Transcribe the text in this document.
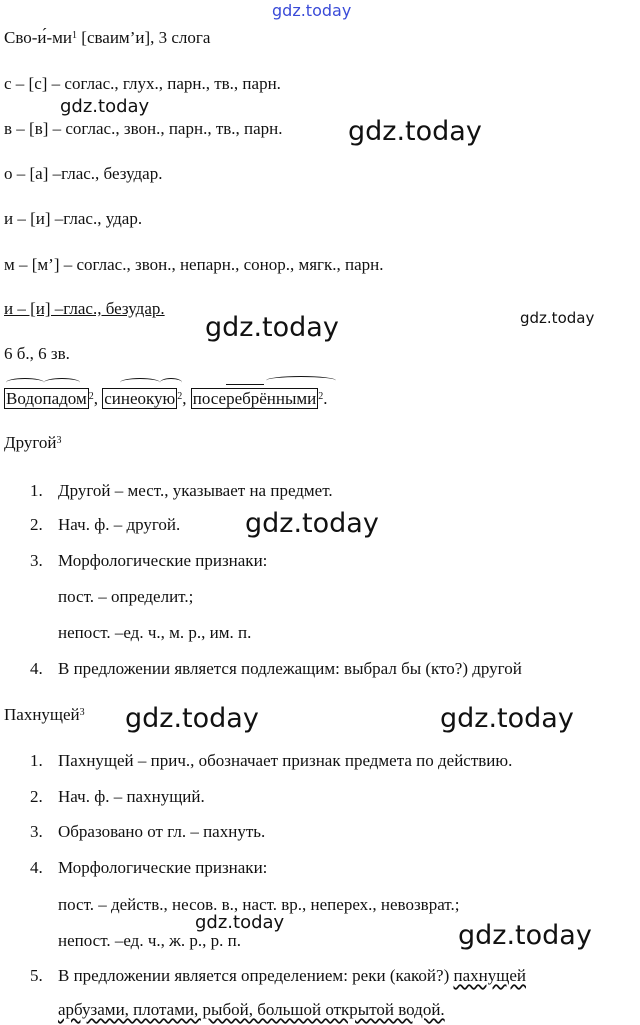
gdz.today
gdz.today
gdz.today
gdz.today	gdz.today
gdz.today
gdz.today	gdz.today
gdz.today	gdz.today
Сво-$и́-ми^1$ [сваим’и], 3 слога
с – [с] – соглас., глух., парн., тв., парн.
в – [в] – соглас., звон., парн., тв., парн.
о – [а] –глас., безудар.
и – [и] –глас., удар.
м – [м’] – соглас., звон., непарн., сонор., мягк., парн.
и – [и] –глас., безудар.
6 б., 6 зв.
Водопадом $^2$, синеокую $^2$, посеребрёнными $^2$.
Другой$^3$
1. Другой – мест., указывает на предмет.
2. Нач. ф. – другой.
3. Морфологические признаки:
пост. – определит.;
непост. –ед. ч., м. р., им. п.
4. В предложении является подлежащим: выбрал бы (кто?) другой
Пахнущей$^3$
1. Пахнущей – прич., обозначает признак предмета по действию.
2. Нач. ф. – пахнущий.
3. Образовано от гл. – пахнуть.
4. Морфологические признаки:
пост. – действ., несов. в., наст. вр., неперех., невозврат.;
непост. –ед. ч., ж. р., р. п.
5. В предложении является определением: реки (какой?) пахнущей
арбузами, плотами, рыбой, большой открытой водой.
